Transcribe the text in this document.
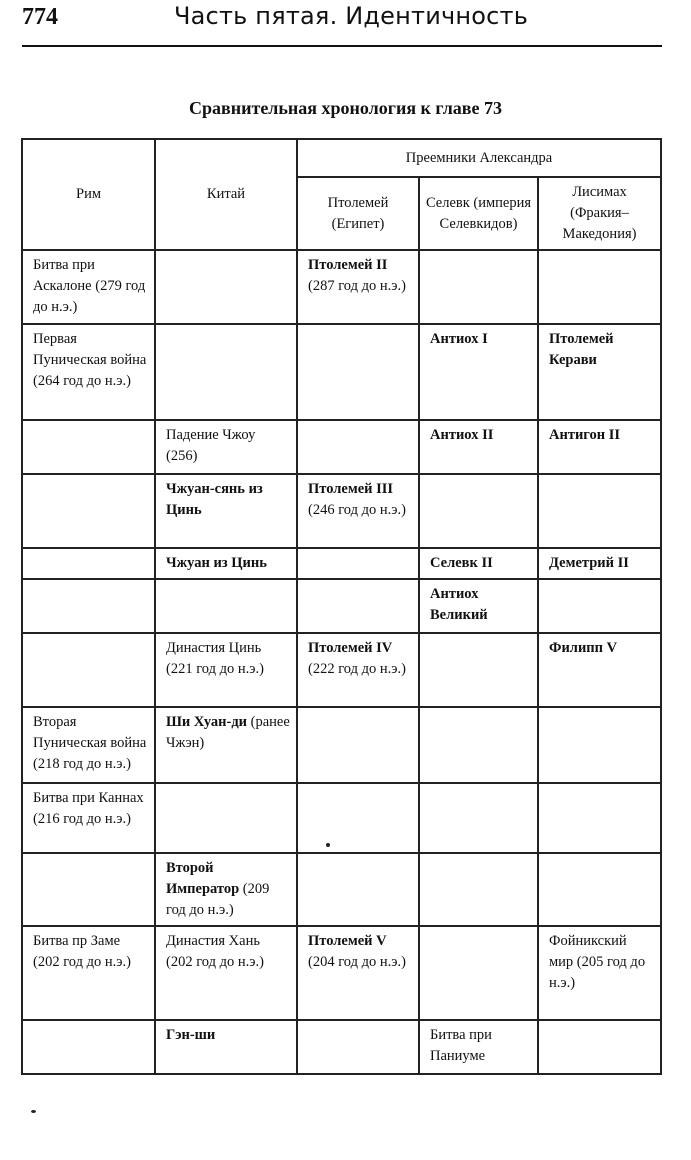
774	Часть пятая. Идентичность
Сравнительная хронология к главе 73
Рим	Китай	Преемники Александра		
		Птолемей (Египет)	Селевк (империя Селевкидов)	Лисимах (Фракия–Македония)
Битва при Аскалоне (279 год до н.э.)		Птолемей II (287 год до н.э.)		
Первая Пуническая война (264 год до н.э.)			Антиох I	Птолемей Керави
	Падение Чжоу (256)		Антиох II	Антигон II
	Чжуан-сянь из Цинь	Птолемей III (246 год до н.э.)		
	Чжуан из Цинь		Селевк II	Деметрий II
			Антиох Великий	
	Династия Цинь (221 год до н.э.)	Птолемей IV (222 год до н.э.)		Филипп V
Вторая Пуническая война (218 год до н.э.)	Ши Хуан-ди (ранее Чжэн)			
Битва при Каннах (216 год до н.э.)				
	Второй Император (209 год до н.э.)			
Битва пр Заме (202 год до н.э.)	Династия Хань (202 год до н.э.)	Птолемей V (204 год до н.э.)		Фойникский мир (205 год до н.э.)
	Гэн-ши		Битва при Паниуме	
